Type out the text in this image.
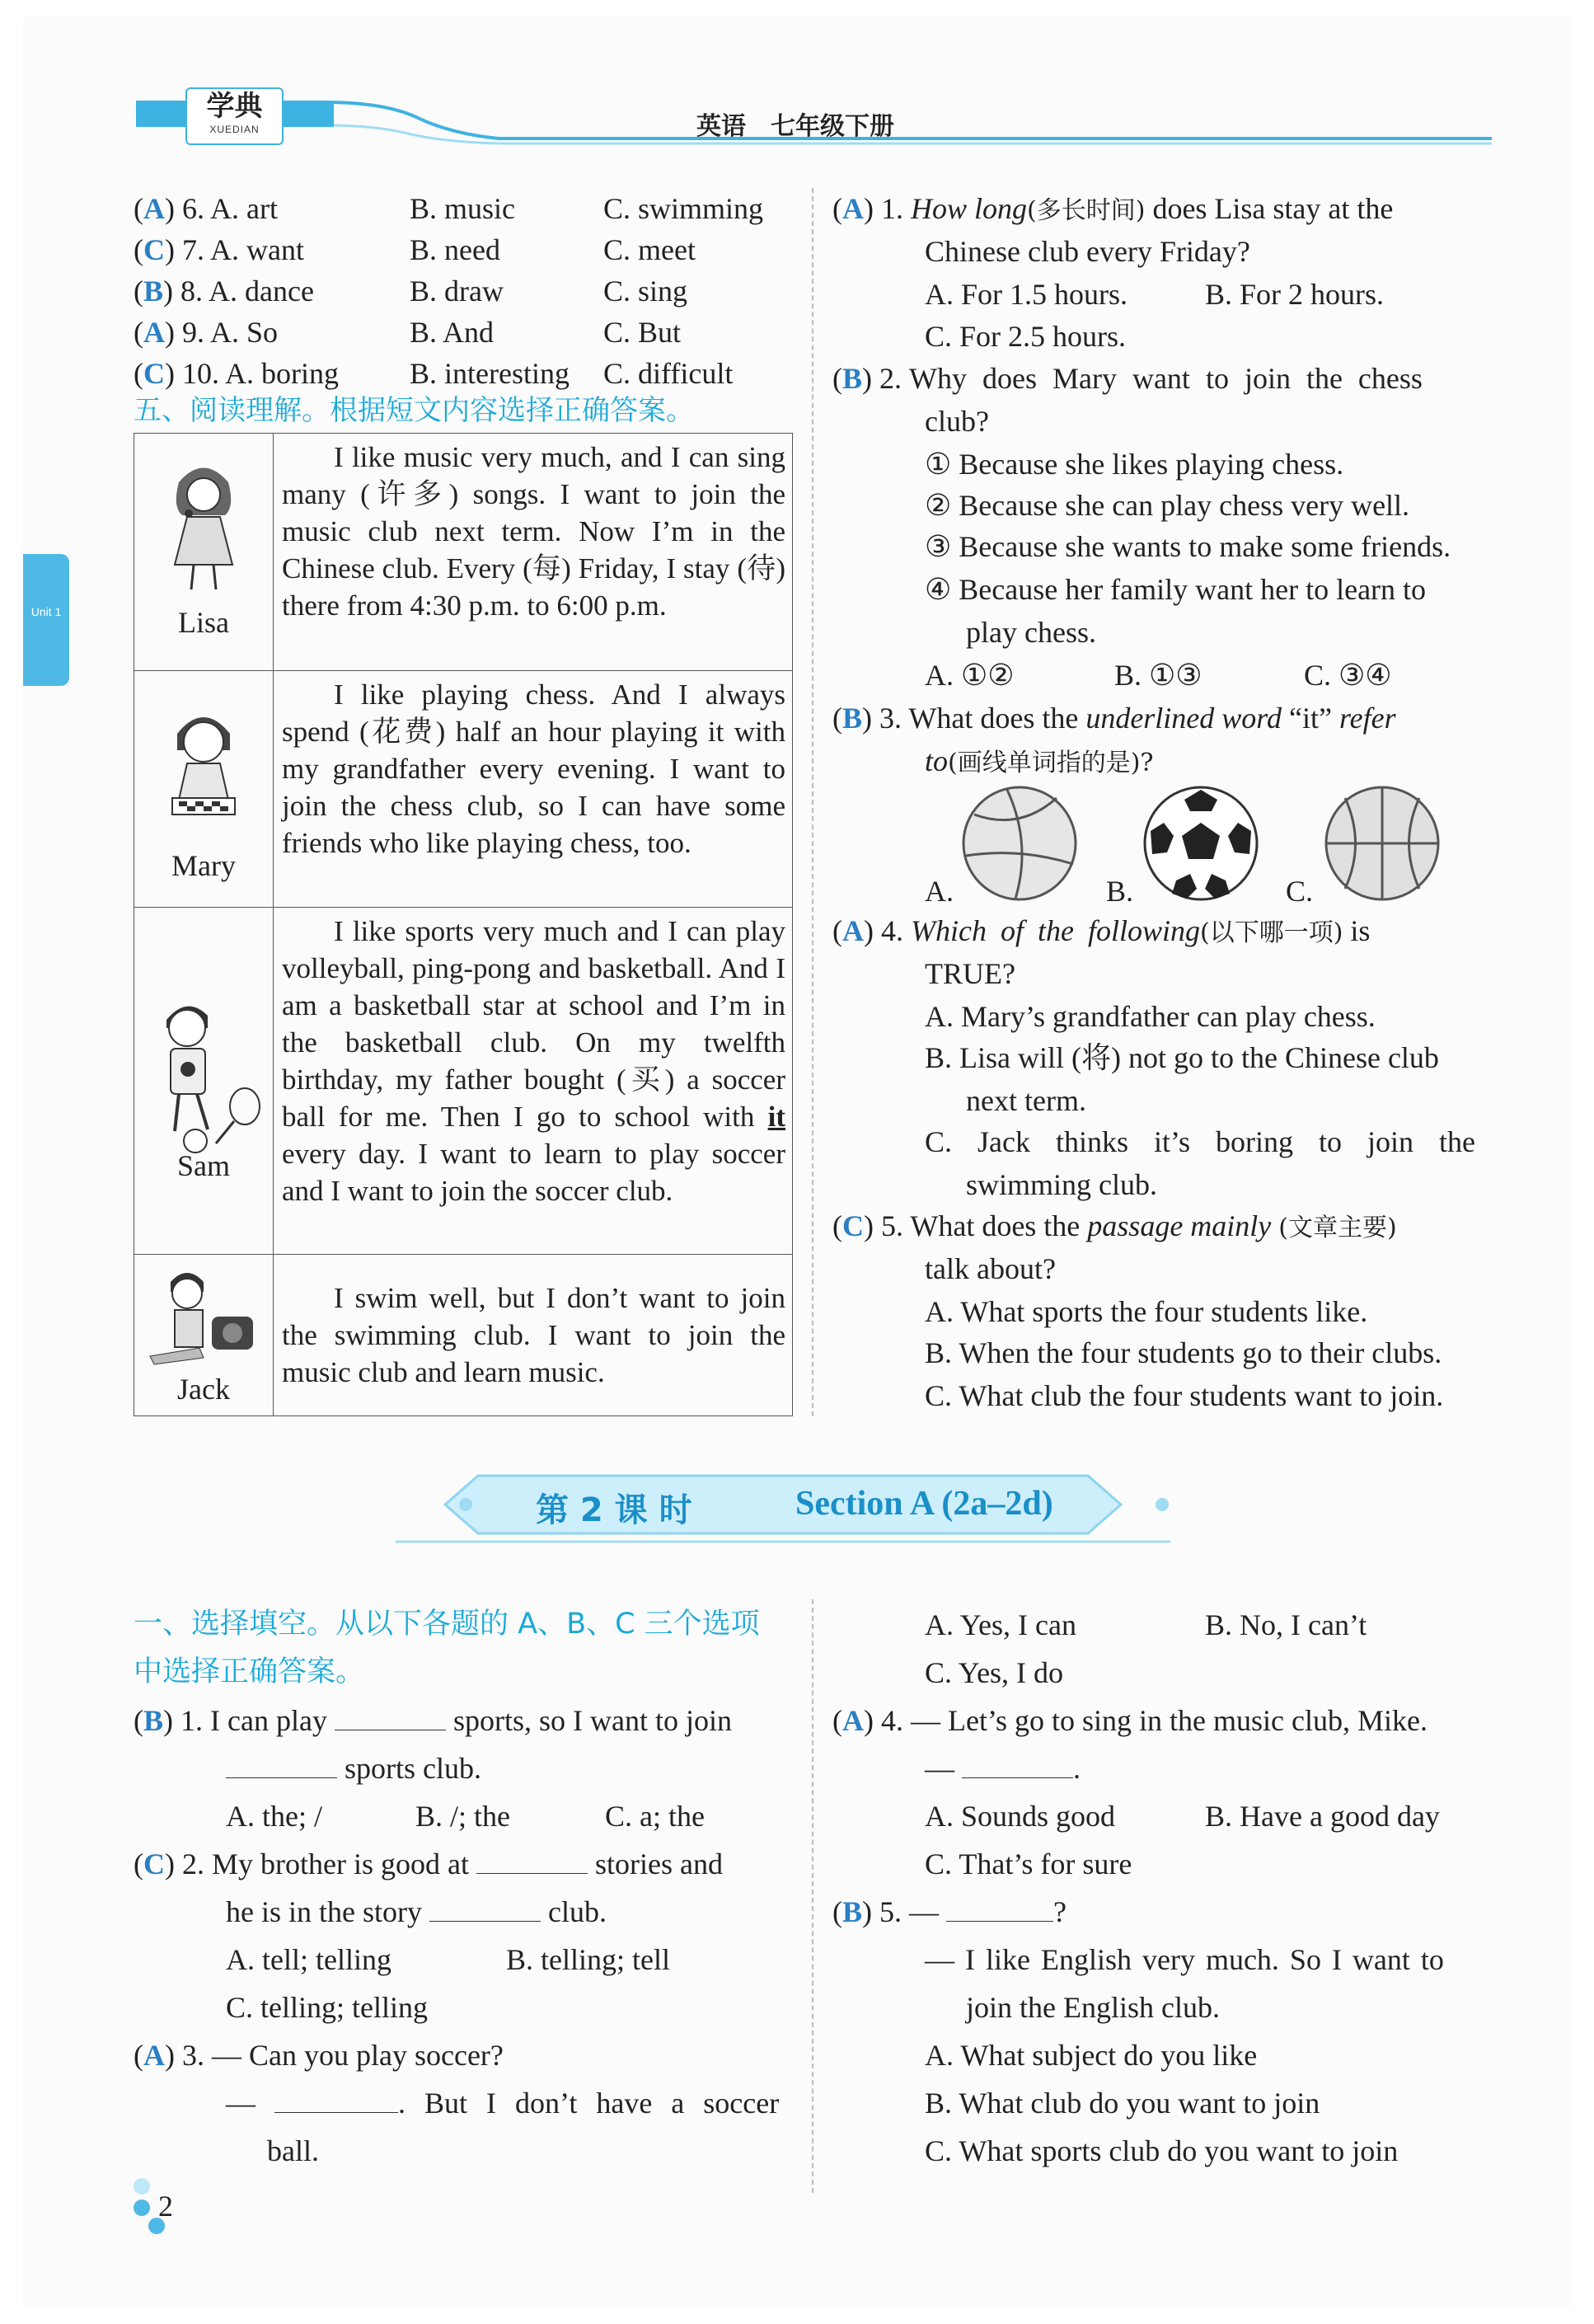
学典
XUEDIAN	英语　七年级下册
Unit 1
(A) 6. A. art	B. music	C. swimming
(C) 7. A. want	B. need	C. meet
(B) 8. A. dance	B. draw	C. sing
(A) 9. A. So	B. And	C. But
(C) 10. A. boring B. interesting C. difficult
五、阅读理解。根据短文内容选择正确答案。
Lisa	I like music very much, and I can sing many (许多) songs. I want to join the music club next term. Now I’m in the Chinese club. Every (每) Friday, I stay (待) there from 4:30 p.m. to 6:00 p.m.

Mary	I like playing chess. And I always spend (花费) half an hour playing it with my grandfather every evening. I want to join the chess club, so I can have some friends who like playing chess, too.

Sam	I like sports very much and I can play volleyball, ping-pong and basketball. And I am a basketball star at school and I’m in the basketball club. On my twelfth birthday, my father bought (买) a soccer ball for me. Then I go to school with it every day. I want to learn to play soccer and I want to join the soccer club.

Jack	I swim well, but I don’t want to join the swimming club. I want to join the music club and learn music.
(A) 1. How long(多长时间) does Lisa stay at the
Chinese club every Friday?
A. For 1.5 hours.	B. For 2 hours.
C. For 2.5 hours.
(B) 2. Why does Mary want to join the chess
club?
① Because she likes playing chess.
② Because she can play chess very well.
③ Because she wants to make some friends.
④ Because her family want her to learn to
play chess.
A. ①②	B. ①③	C. ③④
(B) 3. What does the underlined word “it” refer
to(画线单词指的是)?
A.	B.	C.
(A) 4. Which of the following(以下哪一项) is
TRUE?
A. Mary’s grandfather can play chess.
B. Lisa will (将) not go to the Chinese club
next term.
C. Jack thinks it’s boring to join the
swimming club.
(C) 5. What does the passage mainly (文章主要)
talk about?
A. What sports the four students like.
B. When the four students go to their clubs.
C. What club the four students want to join.
第 2 课 时	Section A (2a–2d)
一、选择填空。从以下各题的 A、B、C 三个选项
中选择正确答案。
(B) 1. I can play	sports, so I want to join
sports club.
A. the; /	B. /; the	C. a; the
(C) 2. My brother is good at	stories and
he is in the story	club.
A. tell; telling	B. telling; tell
C. telling; telling
(A) 3. — Can you play soccer?
—	. But I don’t have a soccer
ball.
A. Yes, I can	B. No, I can’t
C. Yes, I do
(A) 4. — Let’s go to sing in the music club, Mike.
—	.
A. Sounds good	B. Have a good day
C. That’s for sure
(B) 5. —	?
— I like English very much. So I want to
join the English club.
A. What subject do you like
B. What club do you want to join
C. What sports club do you want to join
2
